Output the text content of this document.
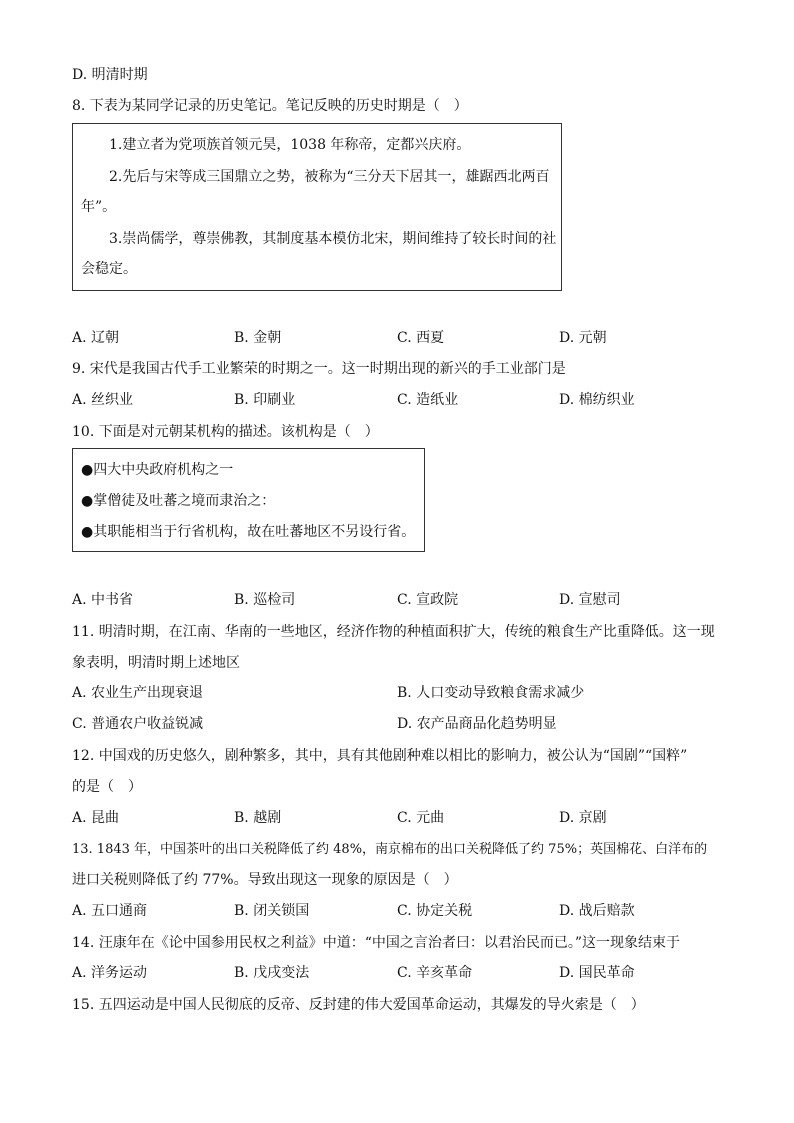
D. 明清时期
8. 下表为某同学记录的历史笔记。笔记反映的历史时期是（　）
1.建立者为党项族首领元昊，1038 年称帝，定都兴庆府。
2.先后与宋等成三国鼎立之势，被称为“三分天下居其一，雄踞西北两百
年”。
3.崇尚儒学，尊崇佛教，其制度基本模仿北宋，期间维持了较长时间的社
会稳定。
A. 辽朝	B. 金朝	C. 西夏	D. 元朝
9. 宋代是我国古代手工业繁荣的时期之一。这一时期出现的新兴的手工业部门是
A. 丝织业	B. 印刷业	C. 造纸业	D. 棉纺织业
10. 下面是对元朝某机构的描述。该机构是（　）
●四大中央政府机构之一
●掌僧徒及吐蕃之境而隶治之：
●其职能相当于行省机构，故在吐蕃地区不另设行省。
A. 中书省	B. 巡检司	C. 宣政院	D. 宣慰司
11. 明清时期，在江南、华南的一些地区，经济作物的种植面积扩大，传统的粮食生产比重降低。这一现
象表明，明清时期上述地区
A. 农业生产出现衰退	B. 人口变动导致粮食需求减少
C. 普通农户收益锐减	D. 农产品商品化趋势明显
12. 中国戏的历史悠久，剧种繁多，其中，具有其他剧种难以相比的影响力，被公认为“国剧”“国粹”
的是（　）
A. 昆曲	B. 越剧	C. 元曲	D. 京剧
13. 1843 年，中国茶叶的出口关税降低了约 48%，南京棉布的出口关税降低了约 75%；英国棉花、白洋布的
进口关税则降低了约 77%。导致出现这一现象的原因是（　）
A. 五口通商	B. 闭关锁国	C. 协定关税	D. 战后赔款
14. 汪康年在《论中国参用民权之利益》中道：“中国之言治者曰：以君治民而已。”这一现象结束于
A. 洋务运动	B. 戊戌变法	C. 辛亥革命	D. 国民革命
15. 五四运动是中国人民彻底的反帝、反封建的伟大爱国革命运动，其爆发的导火索是（　）
